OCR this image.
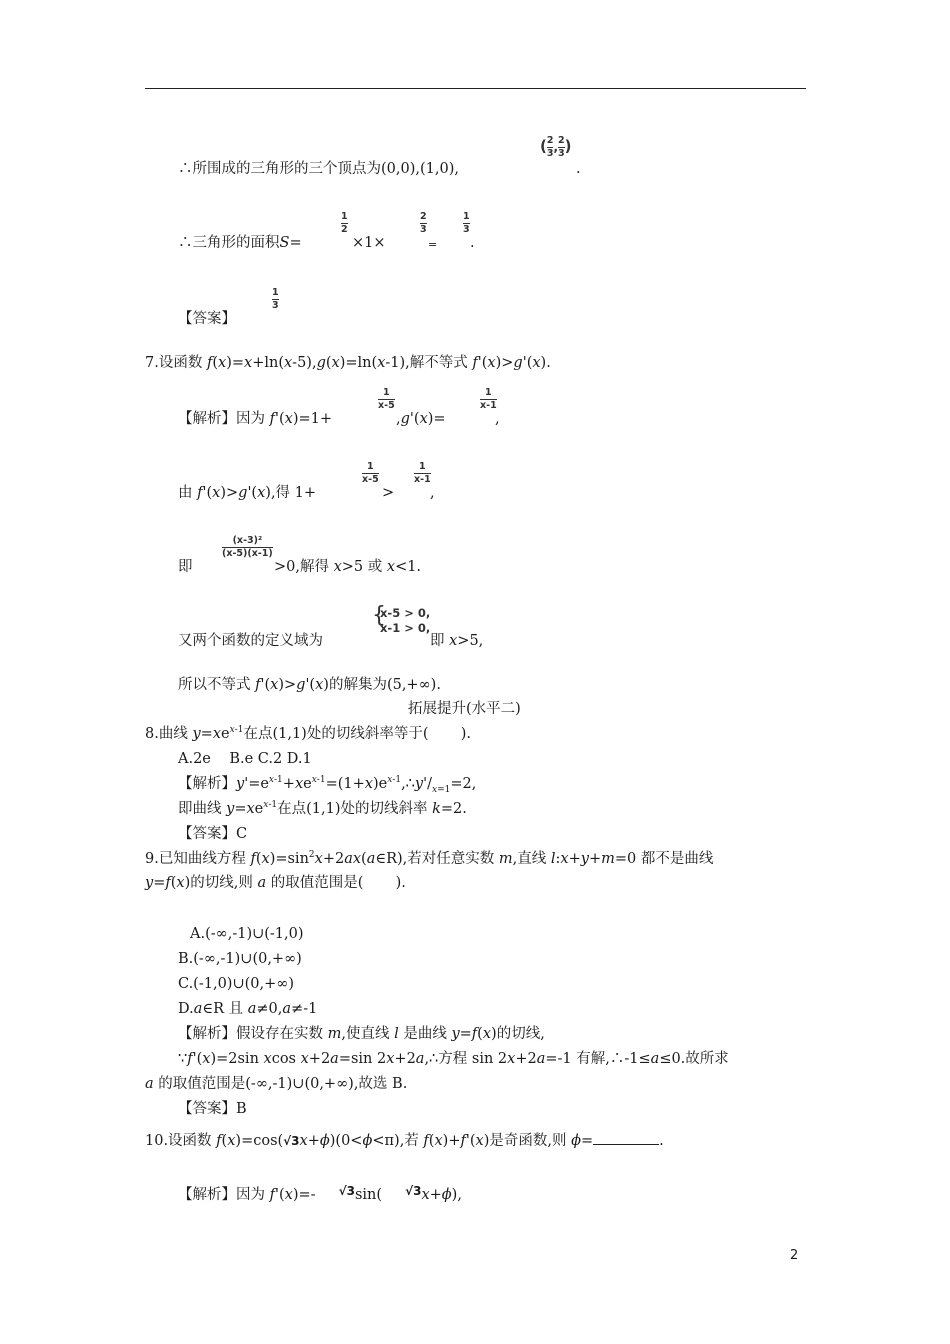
∴所围成的三角形的三个顶点为(0,0),(1,0),
( $\frac{2}{3}$ , $\frac{2}{3}$ )
.
∴三角形的面积S=
1
2
×1×
2
3
=
1
3
.
【答案】
1
3
7.设函数 f(x)=x+ln(x-5),g(x)=ln(x-1),解不等式 f'(x)>g'(x).
【解析】因为 f'(x)=1+
1
x-5
,g'(x)=
1
x-1
,
由 f'(x)>g'(x),得 1+
1
x-5
>
1
x-1
,
即
(x-3)²
(x-5)(x-1)
>0,解得 x>5 或 x<1.
又两个函数的定义域为
{
x-5 > 0,
x-1 > 0,
即 x>5,
所以不等式 f'(x)>g'(x)的解集为(5,+∞).
拓展提升(水平二)
8.曲线 $y=xe^{x-1}$在点(1,1)处的切线斜率等于(       ).
A.2e    B.e C.2 D.1
【解析】$y'=e^{x-1}+xe^{x-1}=(1+x)e^{x-1},\therefore y'/_{x=1}=2$,
即曲线 $y=xe^{x-1}$在点(1,1)处的切线斜率 k=2.
【答案】C
9.已知曲线方程 $f(x)=\sin^2x+2ax(a\in R)$,若对任意实数 m,直线 l:x+y+m=0 都不是曲线
y=f(x)的切线,则 a 的取值范围是(       ).
A.(-∞,-1)∪(-1,0)
B.(-∞,-1)∪(0,+∞)
C.(-1,0)∪(0,+∞)
D.a∈R 且 a≠0,a≠-1
【解析】假设存在实数 m,使直线 l 是曲线 y=f(x)的切线,
∵f'(x)=2sin xcos x+2a=sin 2x+2a,∴方程 sin 2x+2a=-1 有解,∴-1≤a≤0.故所求
a 的取值范围是(-∞,-1)∪(0,+∞),故选 B.
【答案】B
10.设函数 f(x)=cos(√3x+ϕ)(0<ϕ<π),若 f(x)+f'(x)是奇函数,则 ϕ=	.
【解析】因为 f'(x)=-     $^{√3}$sin(     $^{√3}$x+ϕ),
2
